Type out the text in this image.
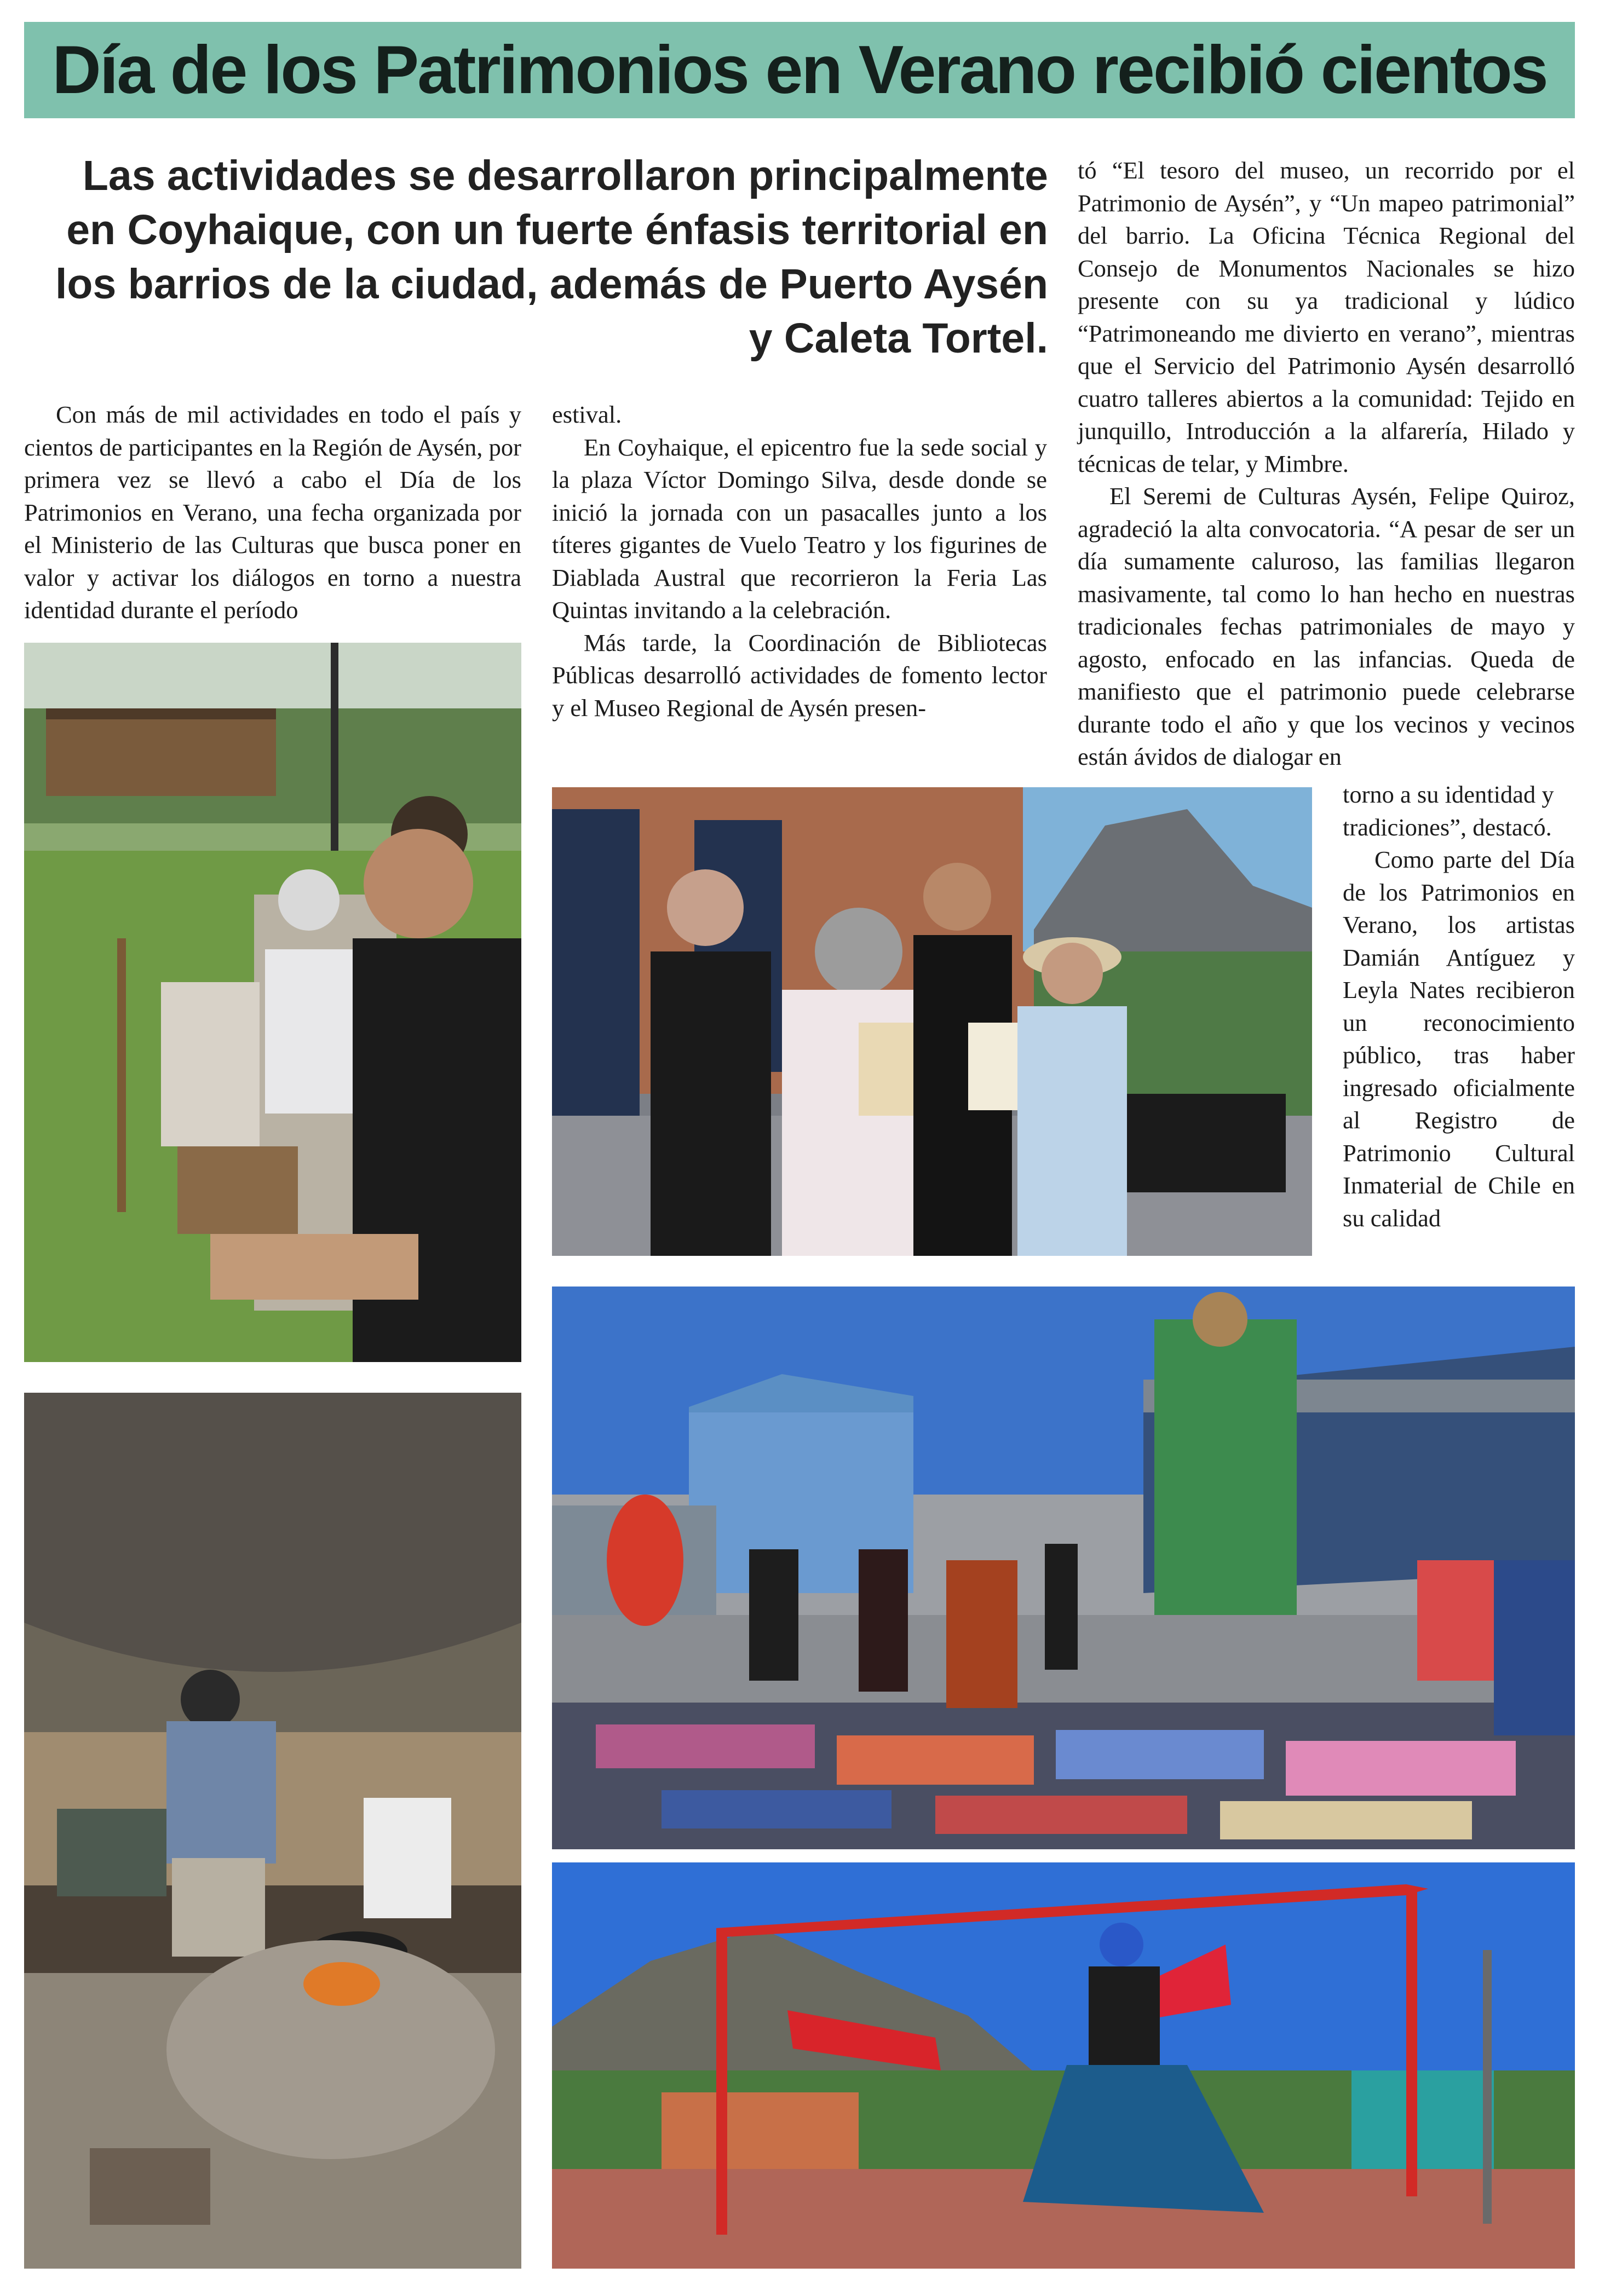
Día de los Patrimonios en Verano recibió cientos
Las actividades se desarrollaron principalmente en Coyhaique, con un fuerte énfasis territorial en los barrios de la ciudad, además de Puerto Aysén y Caleta Tortel.

Con más de mil actividades en todo el país y cientos de participantes en la Región de Aysén, por primera vez se llevó a cabo el Día de los Patrimonios en Verano, una fecha organizada por el Ministerio de las Culturas que busca poner en valor y activar los diálogos en torno a nuestra identidad durante el período

estival.

En Coyhaique, el epicentro fue la sede social y la plaza Víctor Domingo Silva, desde donde se inició la jornada con un pasacalles junto a los títeres gigantes de Vuelo Teatro y los figurines de Diablada Austral que recorrieron la Feria Las Quintas invitando a la celebración.

Más tarde, la Coordinación de Bibliotecas Públicas desarrolló actividades de fomento lector y el Museo Regional de Aysén presen-

tó “El tesoro del museo, un recorrido por el Patrimonio de Aysén”, y “Un mapeo patrimonial” del barrio. La Oficina Técnica Regional del Consejo de Monumentos Nacionales se hizo presente con su ya tradicional y lúdico “Patrimoneando me divierto en verano”, mientras que el Servicio del Patrimonio Aysén desarrolló cuatro talleres abiertos a la comunidad: Tejido en junquillo, Introducción a la alfarería, Hilado y técnicas de telar, y Mimbre.

El Seremi de Culturas Aysén, Felipe Quiroz, agradeció la alta convocatoria. “A pesar de ser un día sumamente caluroso, las familias llegaron masivamente, tal como lo han hecho en nuestras tradicionales fechas patrimoniales de mayo y agosto, enfocado en las infancias. Queda de manifiesto que el patrimonio puede celebrarse durante todo el año y que los vecinos y vecinos están ávidos de dialogar en

torno a su identidad y tradiciones”, destacó.

Como parte del Día de los Patrimonios en Verano, los artistas Damián Antíguez y Leyla Nates recibieron un reconocimiento público, tras haber ingresado oficialmente al Registro de Patrimonio Cultural Inmaterial de Chile en su calidad
